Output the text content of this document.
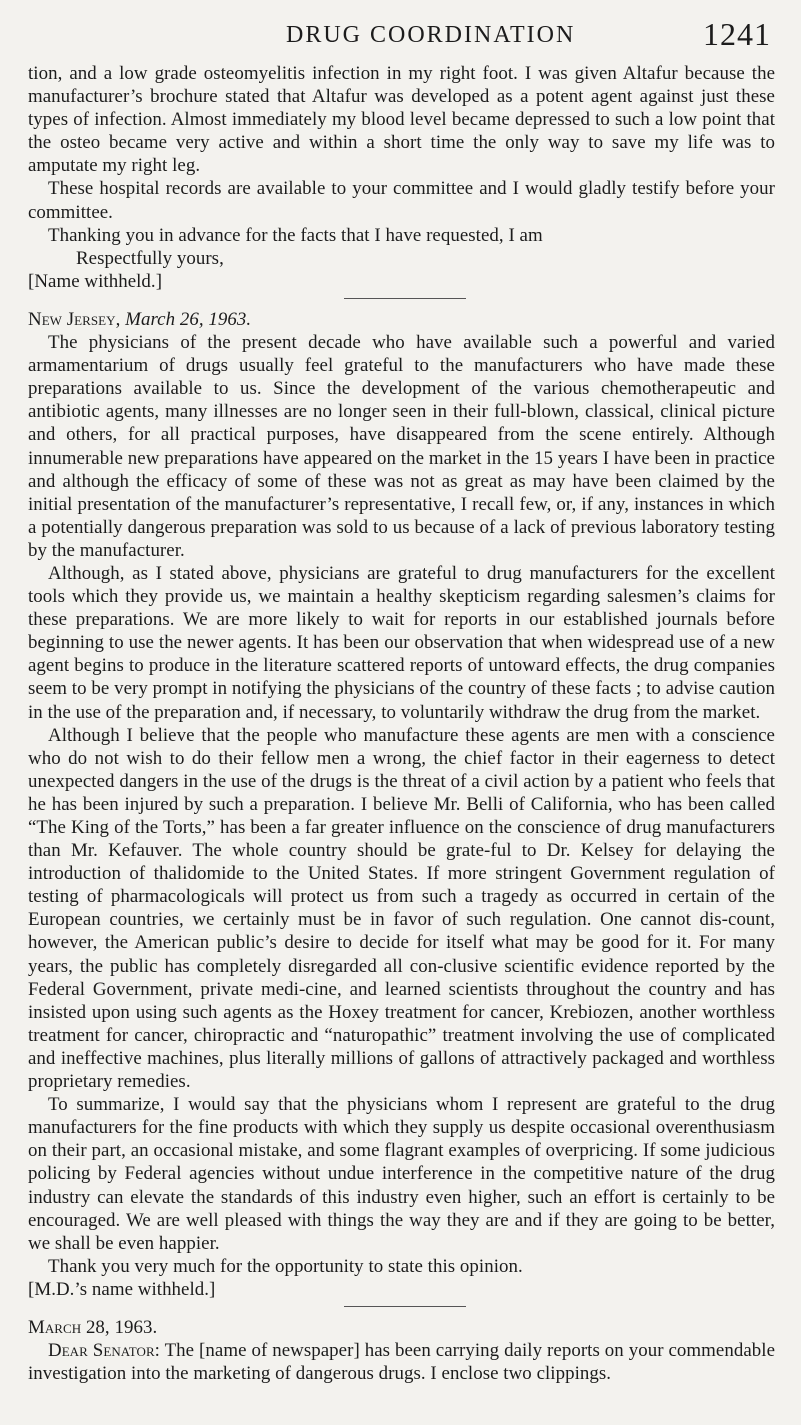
DRUG COORDINATION	1241

tion, and a low grade osteomyelitis infection in my right foot. I was given Altafur because the manufacturer’s brochure stated that Altafur was developed as a potent agent against just these types of infection. Almost immediately my blood level became depressed to such a low point that the osteo became very active and within a short time the only way to save my life was to amputate my right leg.

These hospital records are available to your committee and I would gladly testify before your committee.

Thanking you in advance for the facts that I have requested, I am

Respectfully yours,

[Name withheld.]

New Jersey, March 26, 1963.

The physicians of the present decade who have available such a powerful and varied armamentarium of drugs usually feel grateful to the manufacturers who have made these preparations available to us. Since the development of the various chemotherapeutic and antibiotic agents, many illnesses are no longer seen in their full-blown, classical, clinical picture and others, for all practical purposes, have disappeared from the scene entirely. Although innumerable new preparations have appeared on the market in the 15 years I have been in practice and although the efficacy of some of these was not as great as may have been claimed by the initial presentation of the manufacturer’s representative, I recall few, or, if any, instances in which a potentially dangerous preparation was sold to us because of a lack of previous laboratory testing by the manufacturer.

Although, as I stated above, physicians are grateful to drug manufacturers for the excellent tools which they provide us, we maintain a healthy skepticism regarding salesmen’s claims for these preparations. We are more likely to wait for reports in our established journals before beginning to use the newer agents. It has been our observation that when widespread use of a new agent begins to produce in the literature scattered reports of untoward effects, the drug companies seem to be very prompt in notifying the physicians of the country of these facts ; to advise caution in the use of the preparation and, if necessary, to voluntarily withdraw the drug from the market.

Although I believe that the people who manufacture these agents are men with a conscience who do not wish to do their fellow men a wrong, the chief factor in their eagerness to detect unexpected dangers in the use of the drugs is the threat of a civil action by a patient who feels that he has been injured by such a preparation. I believe Mr. Belli of California, who has been called “The King of the Torts,” has been a far greater influence on the conscience of drug manufacturers than Mr. Kefauver. The whole country should be grate-ful to Dr. Kelsey for delaying the introduction of thalidomide to the United States. If more stringent Government regulation of testing of pharmacologicals will protect us from such a tragedy as occurred in certain of the European countries, we certainly must be in favor of such regulation. One cannot dis-count, however, the American public’s desire to decide for itself what may be good for it. For many years, the public has completely disregarded all con-clusive scientific evidence reported by the Federal Government, private medi-cine, and learned scientists throughout the country and has insisted upon using such agents as the Hoxey treatment for cancer, Krebiozen, another worthless treatment for cancer, chiropractic and “naturopathic” treatment involving the use of complicated and ineffective machines, plus literally millions of gallons of attractively packaged and worthless proprietary remedies.

To summarize, I would say that the physicians whom I represent are grateful to the drug manufacturers for the fine products with which they supply us despite occasional overenthusiasm on their part, an occasional mistake, and some flagrant examples of overpricing. If some judicious policing by Federal agencies without undue interference in the competitive nature of the drug industry can elevate the standards of this industry even higher, such an effort is certainly to be encouraged. We are well pleased with things the way they are and if they are going to be better, we shall be even happier.

Thank you very much for the opportunity to state this opinion.

[M.D.’s name withheld.]

March 28, 1963.

Dear Senator: The [name of newspaper] has been carrying daily reports on your commendable investigation into the marketing of dangerous drugs. I enclose two clippings.
